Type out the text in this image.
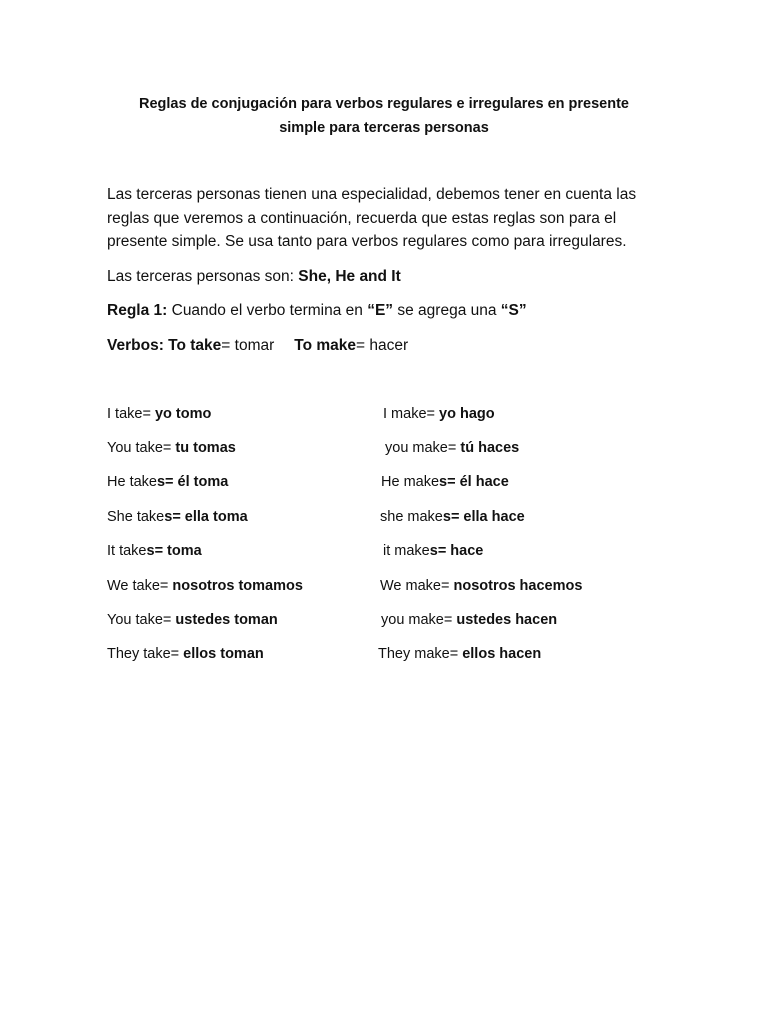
Reglas de conjugación para verbos regulares e irregulares en presente
simple para terceras personas
Las terceras personas tienen una especialidad, debemos tener en cuenta las
reglas que veremos a continuación, recuerda que estas reglas son para el
presente simple. Se usa tanto para verbos regulares como para irregulares.
Las terceras personas son: She, He and It
Regla 1: Cuando el verbo termina en “E” se agrega una “S”
Verbos: To take= tomar To make= hacer
I take= yo tomo
You take= tu tomas
He takes= él toma
She takes= ella toma
It takes= toma
We take= nosotros tomamos
You take= ustedes toman
They take= ellos toman
I make= yo hago
you make= tú haces
He makes= él hace
she makes= ella hace
it makes= hace
We make= nosotros hacemos
you make= ustedes hacen
They make= ellos hacen
